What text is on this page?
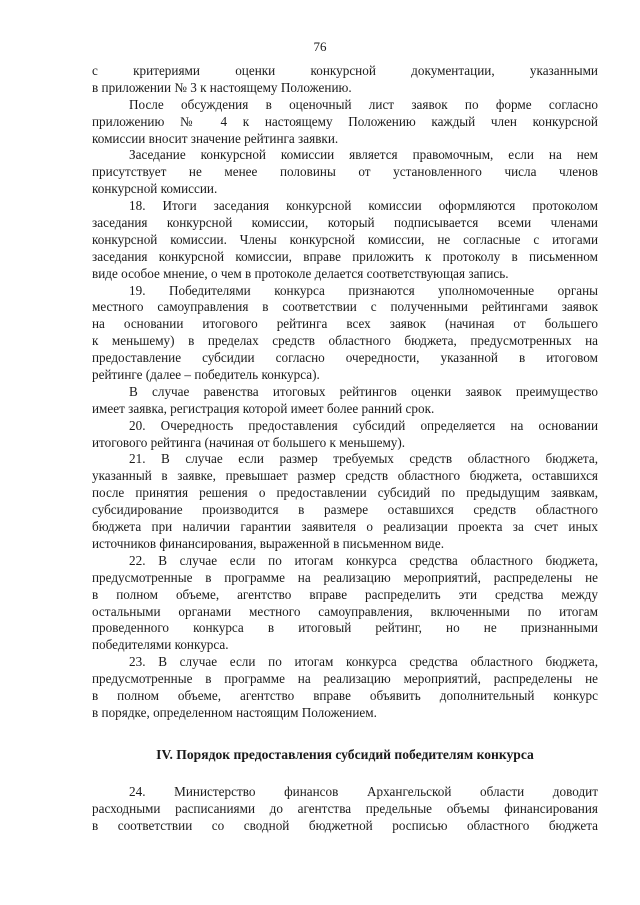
76
с критериями оценки конкурсной документации, указанными
в приложении № 3 к настоящему Положению.
После обсуждения в оценочный лист заявок по форме согласно
приложению № 4 к настоящему Положению каждый член конкурсной
комиссии вносит значение рейтинга заявки.
Заседание конкурсной комиссии является правомочным, если на нем
присутствует не менее половины от установленного числа членов
конкурсной комиссии.
18. Итоги заседания конкурсной комиссии оформляются протоколом
заседания конкурсной комиссии, который подписывается всеми членами
конкурсной комиссии. Члены конкурсной комиссии, не согласные с итогами
заседания конкурсной комиссии, вправе приложить к протоколу в письменном
виде особое мнение, о чем в протоколе делается соответствующая запись.
19. Победителями конкурса признаются уполномоченные органы
местного самоуправления в соответствии с полученными рейтингами заявок
на основании итогового рейтинга всех заявок (начиная от большего
к меньшему) в пределах средств областного бюджета, предусмотренных на
предоставление субсидии согласно очередности, указанной в итоговом
рейтинге (далее – победитель конкурса).
В случае равенства итоговых рейтингов оценки заявок преимущество
имеет заявка, регистрация которой имеет более ранний срок.
20. Очередность предоставления субсидий определяется на основании
итогового рейтинга (начиная от большего к меньшему).
21. В случае если размер требуемых средств областного бюджета,
указанный в заявке, превышает размер средств областного бюджета, оставшихся
после принятия решения о предоставлении субсидий по предыдущим заявкам,
субсидирование производится в размере оставшихся средств областного
бюджета при наличии гарантии заявителя о реализации проекта за счет иных
источников финансирования, выраженной в письменном виде.
22. В случае если по итогам конкурса средства областного бюджета,
предусмотренные в программе на реализацию мероприятий, распределены не
в полном объеме, агентство вправе распределить эти средства между
остальными органами местного самоуправления, включенными по итогам
проведенного конкурса в итоговый рейтинг, но не признанными
победителями конкурса.
23. В случае если по итогам конкурса средства областного бюджета,
предусмотренные в программе на реализацию мероприятий, распределены не
в полном объеме, агентство вправе объявить дополнительный конкурс
в порядке, определенном настоящим Положением.
IV. Порядок предоставления субсидий победителям конкурса
24. Министерство финансов Архангельской области доводит
расходными расписаниями до агентства предельные объемы финансирования
в соответствии со сводной бюджетной росписью областного бюджета
